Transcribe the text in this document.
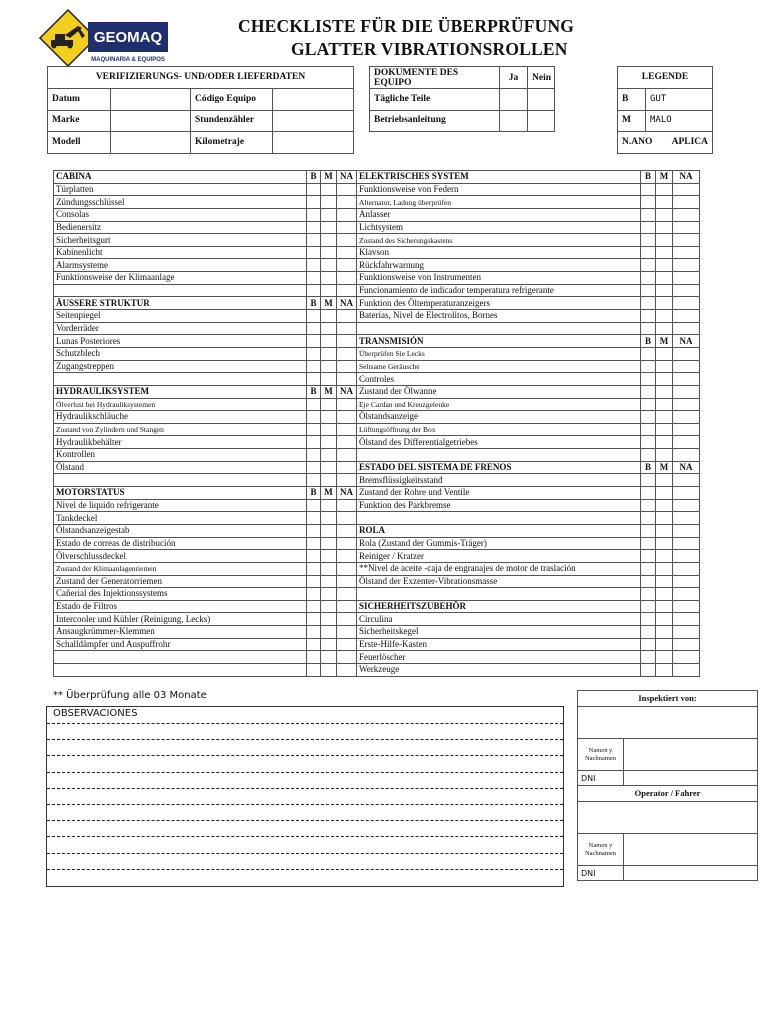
GEOMAQ
MAQUINARIA & EQUIPOS
CHECKLISTE FÜR DIE ÜBERPRÜFUNG
GLATTER VIBRATIONSROLLEN
VERIFIZIERUNGS- UND/ODER LIEFERDATEN			
Datum		Código Equipo	
Marke		Stundenzähler	
Modell		Kilometraje	
DOKUMENTE DES EQUIPO	Ja	Nein
Tägliche Teile		
Betriebsanleitung		
LEGENDE	
B	GUT
M	MALO
N.ANO	APLICA
CABINA	B	M	NA	ELEKTRISCHES SYSTEM	B	M	NA
Türplatten				Funktionsweise von Federn			
Zündungsschlüssel				Alternator, Ladung überprüfen			
Consolas				Anlasser			
Bedienersitz				Lichtsystem			
Sicherheitsgurt				Zustand des Sicherungskastens			
Kabinenlicht				Klavson			
Alarmsysteme				Rückfahrwarnung			
Funktionsweise der Klimaanlage				Funktionsweise von Instrumenten			
				Funcionamiento de indicador temperatura refrigerante			
ÄUSSERE STRUKTUR	B	M	NA	Funktion des Öltemperaturanzeigers			
Seitenpiegel				Baterías, Nivel de Electrolitos, Bornes			
Vorderräder							
Lunas Posteriores				TRANSMISIÓN	B	M	NA
Schutzblech				Überprüfen Sie Lecks			
Zugangstreppen				Seltsame Geräusche			
				Controles			
HYDRAULIKSYSTEM	B	M	NA	Zustand der Ölwanne			
Ölverlust bei Hydrauliksystemen				Eje Cardan und Kreuzgelenke			
Hydraulikschläuche				Ölstandsanzeige			
Zustand von Zylindern und Stangen				Lüftungsöffnung der Box			
Hydraulikbehälter				Ölstand des Differentialgetriebes			
Kontrollen							
Ölstand				ESTADO DEL SISTEMA DE FRENOS	B	M	NA
				Bremsflüssigkeitsstand			
MOTORSTATUS	B	M	NA	Zustand der Rohre und Ventile			
Nivel de liquido refrigerante				Funktion des Parkbremse			
Tankdeckel							
Ölstandsanzeigestab				ROLA			
Estado de correas de distribución				Rola (Zustand der Gummis-Träger)			
Ölverschlussdeckel				Reiniger / Kratzer			
Zustand der Klimaanlagenriemen				**Nivel de aceite -caja de engranajes de motor de traslación			
Zustand der Generatorriemen				Ölstand der Exzenter-Vibrationsmasse			
Cañerial des Injektionssystems							
Estado de Filtros				SICHERHEITSZUBEHÖR			
Intercooler und Kühler (Reinigung, Lecks)				Circulina			
Ansaugkrümmer-Klemmen				Sicherheitskegel			
Schalldämpfer und Auspuffrohr				Erste-Hilfe-Kasten			
				Feuerlöscher			
				Werkzeuge			
** Überprüfung alle 03 Monate
OBSERVACIONES
Inspektiert von:	

Namen y Nachnamen	
DNI	
Operator / Fahrer	

Namen y Nachnamen	
DNI	
